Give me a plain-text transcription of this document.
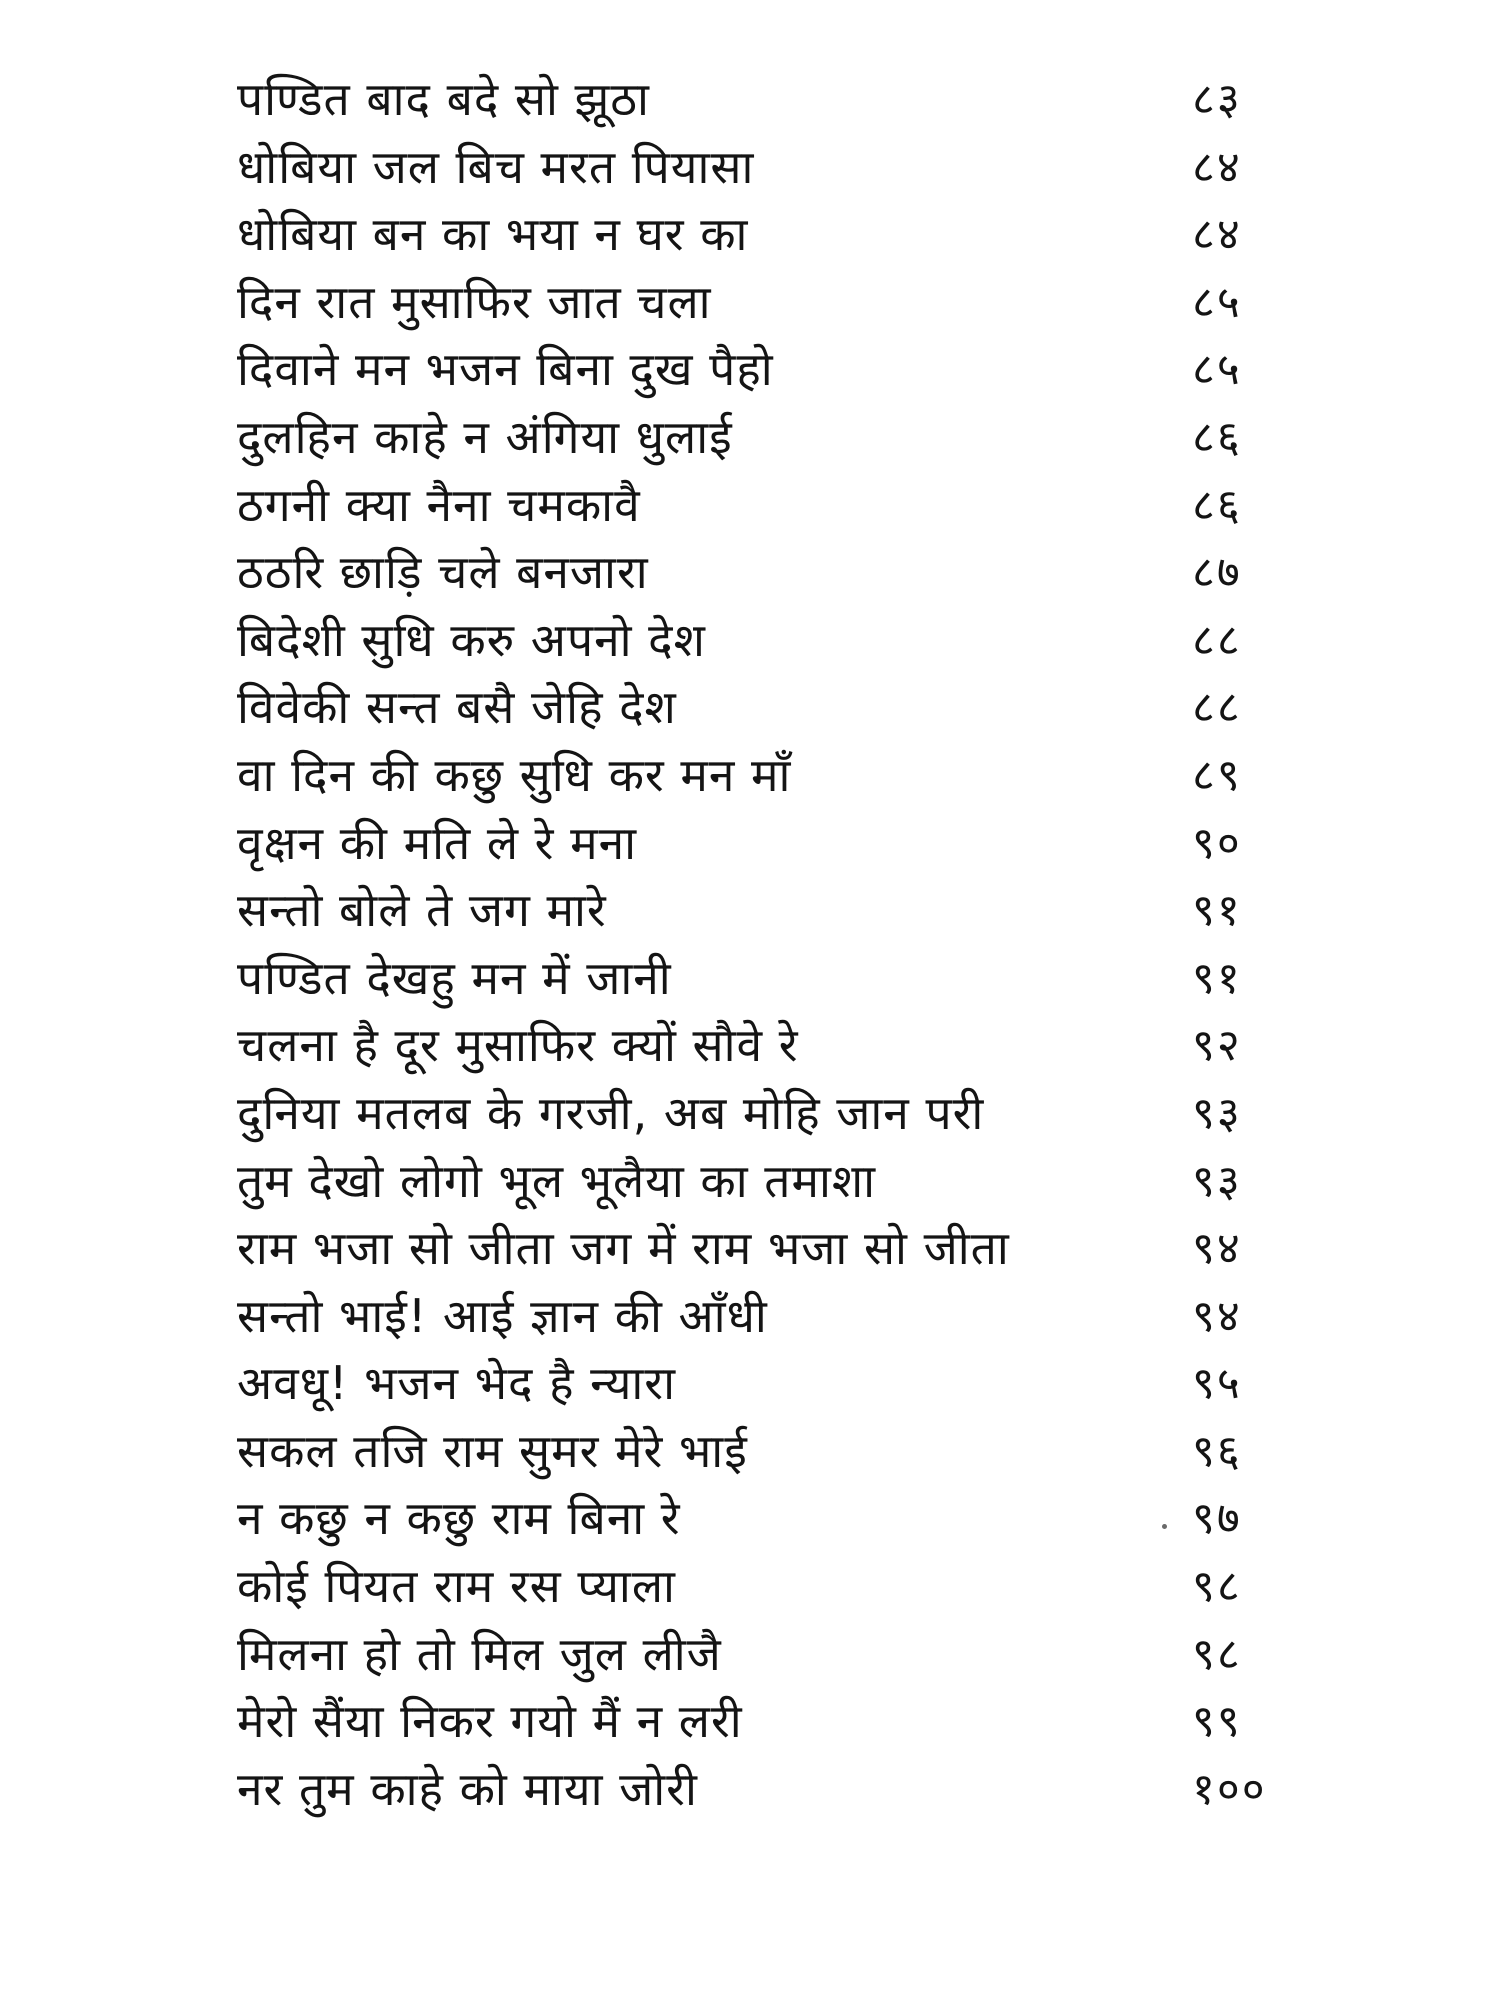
पण्डित बाद बदे सो झूठा	८३
धोबिया जल बिच मरत पियासा	८४
धोबिया बन का भया न घर का	८४
दिन रात मुसाफिर जात चला	८५
दिवाने मन भजन बिना दुख पैहो	८५
दुलहिन काहे न अंगिया धुलाई	८६
ठगनी क्या नैना चमकावै	८६
ठठरि छाड़ि चले बनजारा	८७
बिदेशी सुधि करु अपनो देश	८८
विवेकी सन्त बसै जेहि देश	८८
वा दिन की कछु सुधि कर मन माँ	८९
वृक्षन की मति ले रे मना	९०
सन्तो बोले ते जग मारे	९१
पण्डित देखहु मन में जानी	९१
चलना है दूर मुसाफिर क्यों सौवे रे	९२
दुनिया मतलब के गरजी, अब मोहि जान परी	९३
तुम देखो लोगो भूल भूलैया का तमाशा	९३
राम भजा सो जीता जग में राम भजा सो जीता	९४
सन्तो भाई! आई ज्ञान की आँधी	९४
अवधू! भजन भेद है न्यारा	९५
सकल तजि राम सुमर मेरे भाई	९६
न कछु न कछु राम बिना रे	९७
कोई पियत राम रस प्याला	९८
मिलना हो तो मिल जुल लीजै	९८
मेरो सैंया निकर गयो मैं न लरी	९९
नर तुम काहे को माया जोरी	१००
